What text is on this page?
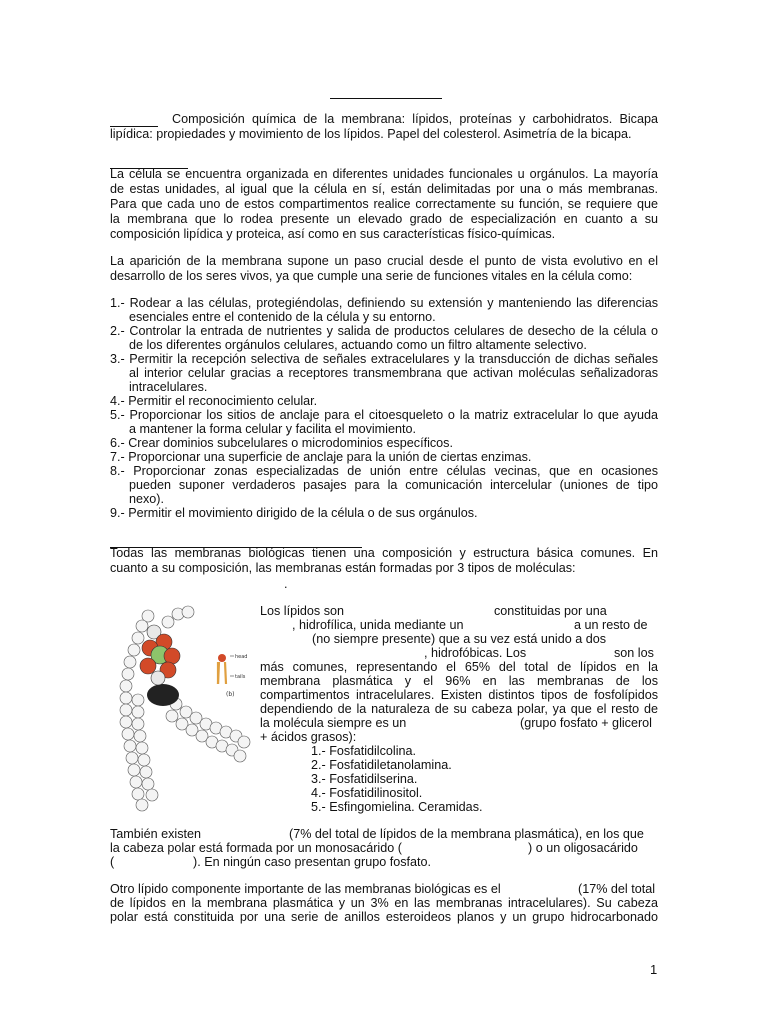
Composición química de la membrana: lípidos, proteínas y carbohidratos. Bicapa
lipídica: propiedades y movimiento de los lípidos. Papel del colesterol. Asimetría de la bicapa.
La célula se encuentra organizada en diferentes unidades funcionales u orgánulos. La mayoría
de estas unidades, al igual que la célula en sí, están delimitadas por una o más membranas.
Para que cada uno de estos compartimentos realice correctamente su función, se requiere que
la membrana que lo rodea presente un elevado grado de especialización en cuanto a su
composición lipídica y proteica, así como en sus características físico-químicas.
La aparición de la membrana supone un paso crucial desde el punto de vista evolutivo en el
desarrollo de los seres vivos, ya que cumple una serie de funciones vitales en la célula como:
1.- Rodear a las células, protegiéndolas, definiendo su extensión y manteniendo las diferencias
esenciales entre el contenido de la célula y su entorno.
2.- Controlar la entrada de nutrientes y salida de productos celulares de desecho de la célula o
de los diferentes orgánulos celulares, actuando como un filtro altamente selectivo.
3.- Permitir la recepción selectiva de señales extracelulares y la transducción de dichas señales
al interior celular gracias a receptores transmembrana que activan moléculas señalizadoras
intracelulares.
4.- Permitir el reconocimiento celular.
5.- Proporcionar los sitios de anclaje para el citoesqueleto o la matriz extracelular lo que ayuda
a mantener la forma celular y facilita el movimiento.
6.- Crear dominios subcelulares o microdominios específicos.
7.- Proporcionar una superficie de anclaje para la unión de ciertas enzimas.
8.- Proporcionar zonas especializadas de unión entre células vecinas, que en ocasiones
pueden suponer verdaderos pasajes para la comunicación intercelular (uniones de tipo
nexo).
9.- Permitir el movimiento dirigido de la célula o de sus orgánulos.
Todas las membranas biológicas tienen una composición y estructura básica comunes. En
cuanto a su composición, las membranas están formadas por 3 tipos de moléculas:
.
head
tails
(b)
Los lípidos son	constituidas por una
, hidrofílica, unida mediante un	a un resto de
(no siempre presente) que a su vez está unido a dos
, hidrofóbicas. Los	son los
más comunes, representando el 65% del total de lípidos en la
membrana plasmática y el 96% en las membranas de los
compartimentos intracelulares. Existen distintos tipos de fosfolípidos
dependiendo de la naturaleza de su cabeza polar, ya que el resto de
la molécula siempre es un	(grupo fosfato + glicerol
+ ácidos grasos):
1.- Fosfatidilcolina.
2.- Fosfatidiletanolamina.
3.- Fosfatidilserina.
4.- Fosfatidilinositol.
5.- Esfingomielina. Ceramidas.
También existen	(7% del total de lípidos de la membrana plasmática), en los que
la cabeza polar está formada por un monosacárido (	) o un oligosacárido
(	). En ningún caso presentan grupo fosfato.
Otro lípido componente importante de las membranas biológicas es el	(17% del total
de lípidos en la membrana plasmática y un 3% en las membranas intracelulares). Su cabeza
polar está constituida por una serie de anillos esteroideos planos y un grupo hidrocarbonado
1
